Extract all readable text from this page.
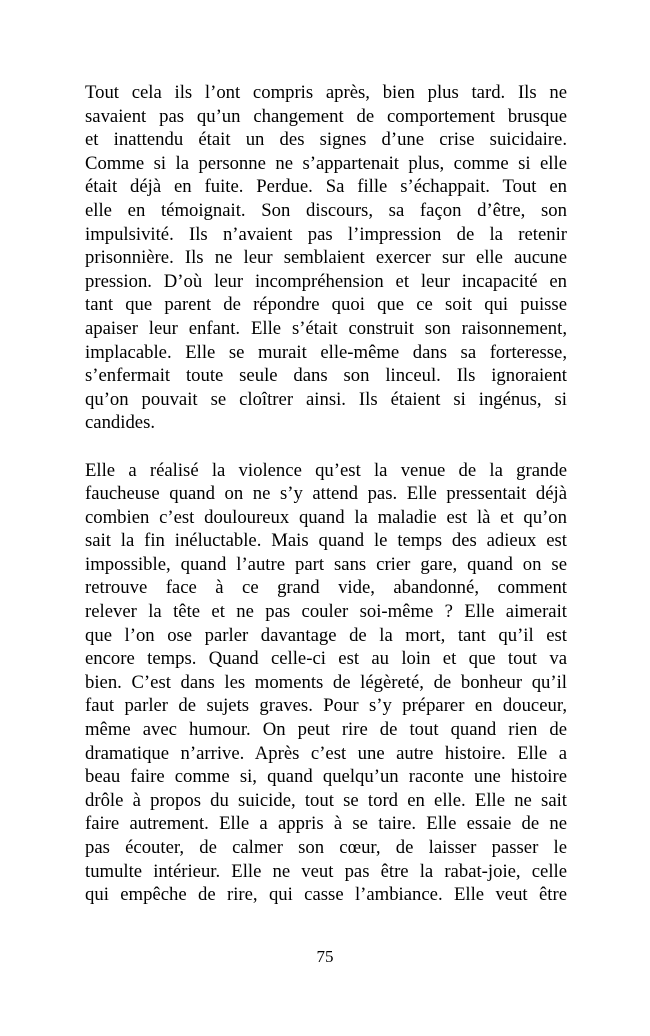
Tout cela ils l’ont compris après, bien plus tard. Ils ne
savaient pas qu’un changement de comportement brusque
et inattendu était un des signes d’une crise suicidaire.
Comme si la personne ne s’appartenait plus, comme si elle
était déjà en fuite. Perdue. Sa fille s’échappait. Tout en
elle en témoignait. Son discours, sa façon d’être, son
impulsivité. Ils n’avaient pas l’impression de la retenir
prisonnière. Ils ne leur semblaient exercer sur elle aucune
pression. D’où leur incompréhension et leur incapacité en
tant que parent de répondre quoi que ce soit qui puisse
apaiser leur enfant. Elle s’était construit son raisonnement,
implacable. Elle se murait elle-même dans sa forteresse,
s’enfermait toute seule dans son linceul. Ils ignoraient
qu’on pouvait se cloîtrer ainsi. Ils étaient si ingénus, si
candides.
Elle a réalisé la violence qu’est la venue de la grande
faucheuse quand on ne s’y attend pas. Elle pressentait déjà
combien c’est douloureux quand la maladie est là et qu’on
sait la fin inéluctable. Mais quand le temps des adieux est
impossible, quand l’autre part sans crier gare, quand on se
retrouve face à ce grand vide, abandonné, comment
relever la tête et ne pas couler soi-même ? Elle aimerait
que l’on ose parler davantage de la mort, tant qu’il est
encore temps. Quand celle-ci est au loin et que tout va
bien. C’est dans les moments de légèreté, de bonheur qu’il
faut parler de sujets graves. Pour s’y préparer en douceur,
même avec humour. On peut rire de tout quand rien de
dramatique n’arrive. Après c’est une autre histoire. Elle a
beau faire comme si, quand quelqu’un raconte une histoire
drôle à propos du suicide, tout se tord en elle. Elle ne sait
faire autrement. Elle a appris à se taire. Elle essaie de ne
pas écouter, de calmer son cœur, de laisser passer le
tumulte intérieur. Elle ne veut pas être la rabat-joie, celle
qui empêche de rire, qui casse l’ambiance. Elle veut être
75
